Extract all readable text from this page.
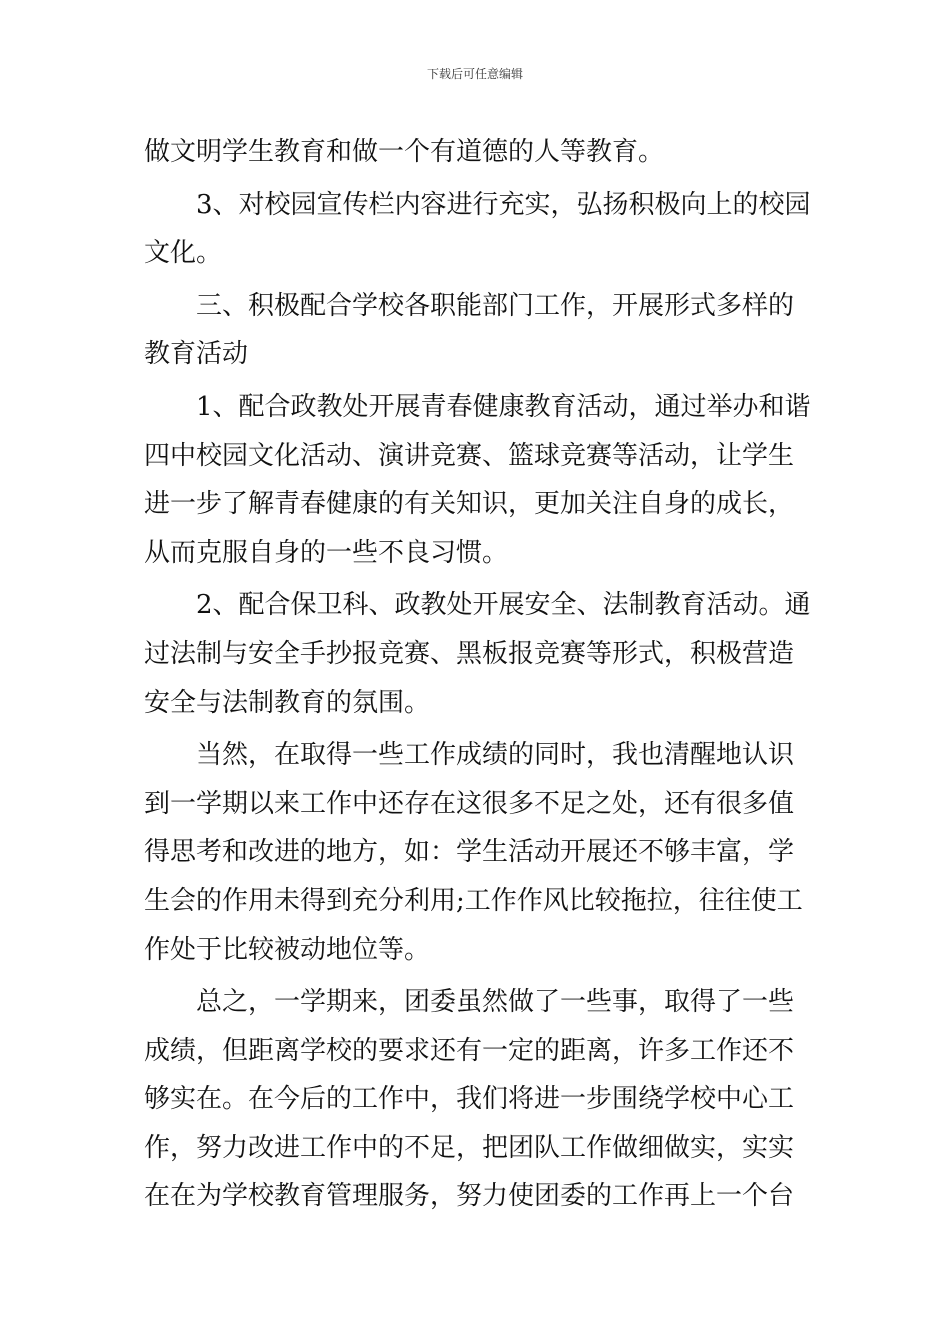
下载后可任意编辑
做文明学生教育和做一个有道德的人等教育。
3、对校园宣传栏内容进行充实，弘扬积极向上的校园
文化。
三、积极配合学校各职能部门工作，开展形式多样的
教育活动
1、配合政教处开展青春健康教育活动，通过举办和谐
四中校园文化活动、演讲竞赛、篮球竞赛等活动，让学生
进一步了解青春健康的有关知识，更加关注自身的成长，
从而克服自身的一些不良习惯。
2、配合保卫科、政教处开展安全、法制教育活动。通
过法制与安全手抄报竞赛、黑板报竞赛等形式，积极营造
安全与法制教育的氛围。
当然，在取得一些工作成绩的同时，我也清醒地认识
到一学期以来工作中还存在这很多不足之处，还有很多值
得思考和改进的地方，如：学生活动开展还不够丰富，学
生会的作用未得到充分利用;工作作风比较拖拉，往往使工
作处于比较被动地位等。
总之，一学期来，团委虽然做了一些事，取得了一些
成绩，但距离学校的要求还有一定的距离，许多工作还不
够实在。在今后的工作中，我们将进一步围绕学校中心工
作，努力改进工作中的不足，把团队工作做细做实，实实
在在为学校教育管理服务，努力使团委的工作再上一个台
